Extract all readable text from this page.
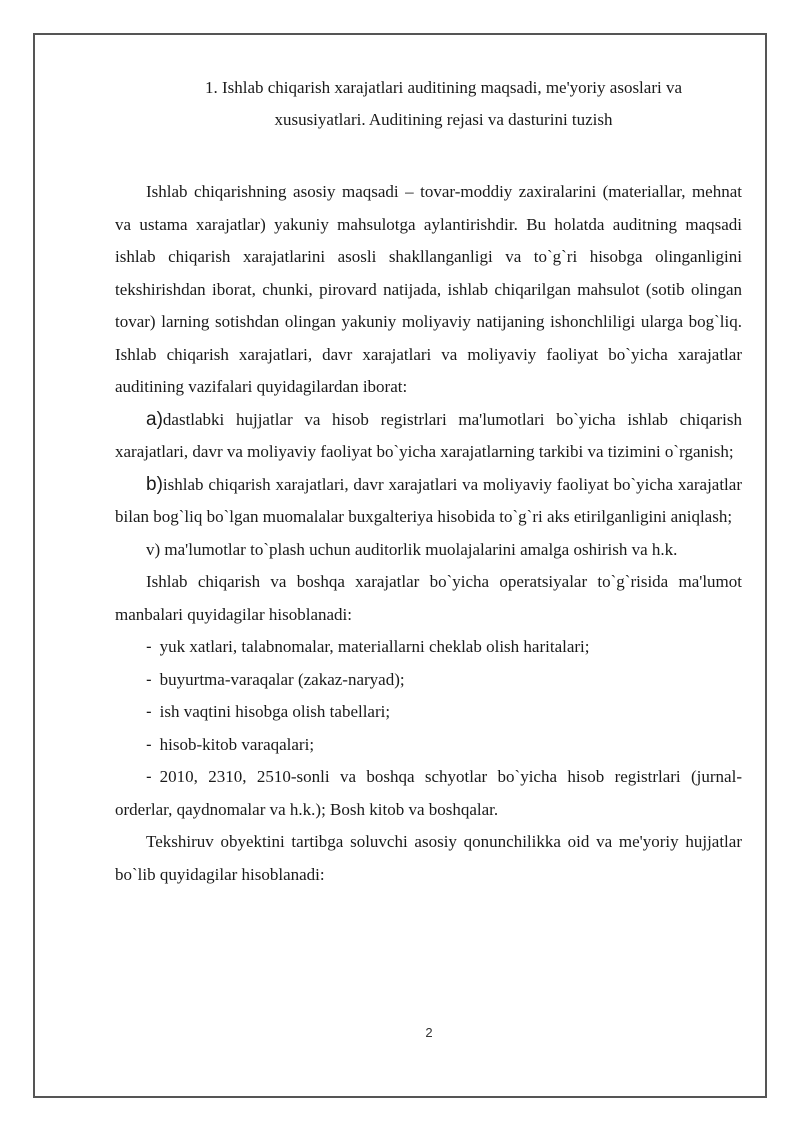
1. Ishlab chiqarish xarajatlari auditining maqsadi, me'yoriy asoslari va
xususiyatlari. Auditining rejasi va dasturini tuzish

Ishlab chiqarishning asosiy maqsadi – tovar-moddiy zaxiralarini (materiallar, mehnat va ustama xarajatlar) yakuniy mahsulotga aylantirishdir. Bu holatda auditning maqsadi ishlab chiqarish xarajatlarini asosli shakllanganligi va to`g`ri hisobga olinganligini tekshirishdan iborat, chunki, pirovard natijada, ishlab chiqarilgan mahsulot (sotib olingan tovar) larning sotishdan olingan yakuniy moliyaviy natijaning ishonchliligi ularga bog`liq. Ishlab chiqarish xarajatlari, davr xarajatlari va moliyaviy faoliyat bo`yicha xarajatlar auditining vazifalari quyidagilardan iborat:

a)dastlabki hujjatlar va hisob registrlari ma'lumotlari bo`yicha ishlab chiqarish xarajatlari, davr va moliyaviy faoliyat bo`yicha xarajatlarning tarkibi va tizimini o`rganish;

b)ishlab chiqarish xarajatlari, davr xarajatlari va moliyaviy faoliyat bo`yicha xarajatlar bilan bog`liq bo`lgan muomalalar buxgalteriya hisobida to`g`ri aks etirilganligini aniqlash;

v) ma'lumotlar to`plash uchun auditorlik muolajalarini amalga oshirish va h.k.

Ishlab chiqarish va boshqa xarajatlar bo`yicha operatsiyalar to`g`risida ma'lumot manbalari quyidagilar hisoblanadi:

- yuk xatlari, talabnomalar, materiallarni cheklab olish haritalari;
- buyurtma-varaqalar (zakaz-naryad);
- ish vaqtini hisobga olish tabellari;
- hisob-kitob varaqalari;

- 2010, 2310, 2510-sonli va boshqa schyotlar bo`yicha hisob registrlari (jurnal-orderlar, qaydnomalar va h.k.); Bosh kitob va boshqalar.

Tekshiruv obyektini tartibga soluvchi asosiy qonunchilikka oid va me'yoriy hujjatlar bo`lib quyidagilar hisoblanadi:

2
